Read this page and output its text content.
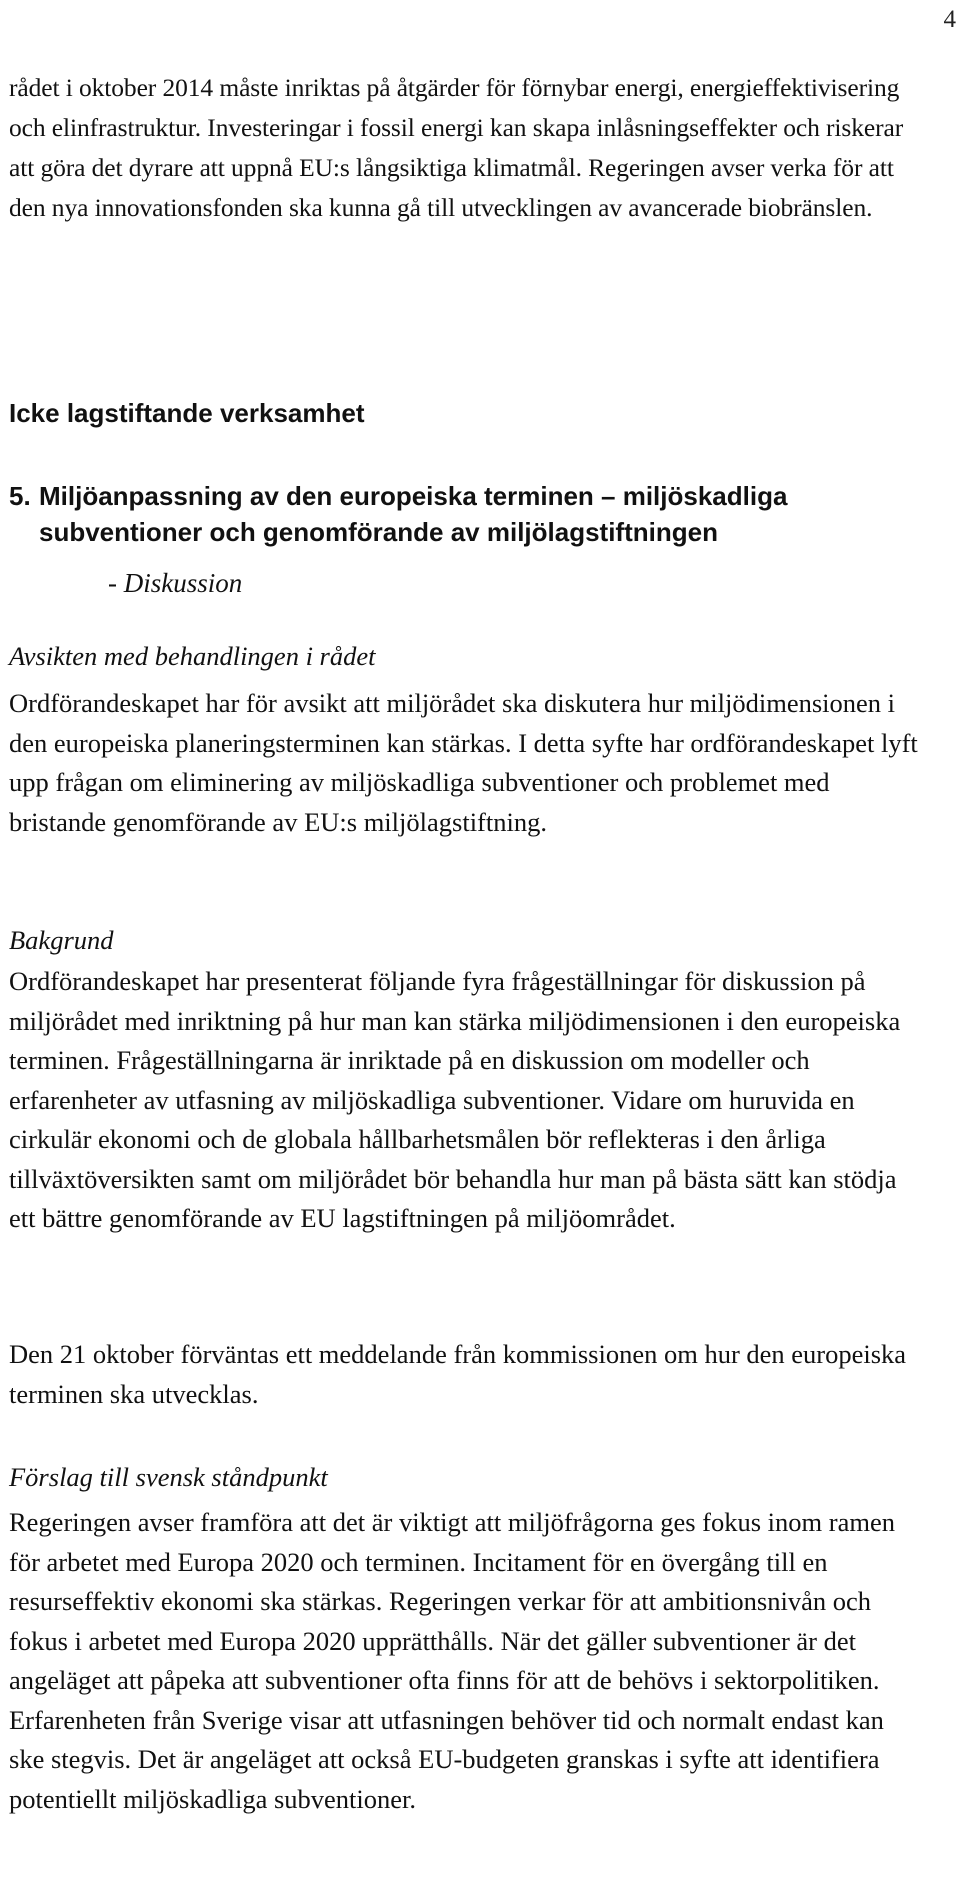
4

rådet i oktober 2014 måste inriktas på åtgärder för förnybar energi, energieffektivisering och elinfrastruktur. Investeringar i fossil energi kan skapa inlåsningseffekter och riskerar att göra det dyrare att uppnå EU:s långsiktiga klimatmål. Regeringen avser verka för att den nya innovationsfonden ska kunna gå till utvecklingen av avancerade biobränslen.

Icke lagstiftande verksamhet
5. Miljöanpassning av den europeiska terminen – miljöskadliga subventioner och genomförande av miljölagstiftningen
- Diskussion
Avsikten med behandlingen i rådet

Ordförandeskapet har för avsikt att miljörådet ska diskutera hur miljödimensionen i den europeiska planeringsterminen kan stärkas. I detta syfte har ordförandeskapet lyft upp frågan om eliminering av miljöskadliga subventioner och problemet med bristande genomförande av EU:s miljölagstiftning.

Bakgrund

Ordförandeskapet har presenterat följande fyra frågeställningar för diskussion på miljörådet med inriktning på hur man kan stärka miljödimensionen i den europeiska terminen. Frågeställningarna är inriktade på en diskussion om modeller och erfarenheter av utfasning av miljöskadliga subventioner. Vidare om huruvida en cirkulär ekonomi och de globala hållbarhetsmålen bör reflekteras i den årliga tillväxtöversikten samt om miljörådet bör behandla hur man på bästa sätt kan stödja ett bättre genomförande av EU lagstiftningen på miljöområdet.

Den 21 oktober förväntas ett meddelande från kommissionen om hur den europeiska terminen ska utvecklas.

Förslag till svensk ståndpunkt

Regeringen avser framföra att det är viktigt att miljöfrågorna ges fokus inom ramen för arbetet med Europa 2020 och terminen. Incitament för en övergång till en resurseffektiv ekonomi ska stärkas. Regeringen verkar för att ambitionsnivån och fokus i arbetet med Europa 2020 upprätthålls. När det gäller subventioner är det angeläget att påpeka att subventioner ofta finns för att de behövs i sektorpolitiken. Erfarenheten från Sverige visar att utfasningen behöver tid och normalt endast kan ske stegvis. Det är angeläget att också EU-budgeten granskas i syfte att identifiera potentiellt miljöskadliga subventioner.
